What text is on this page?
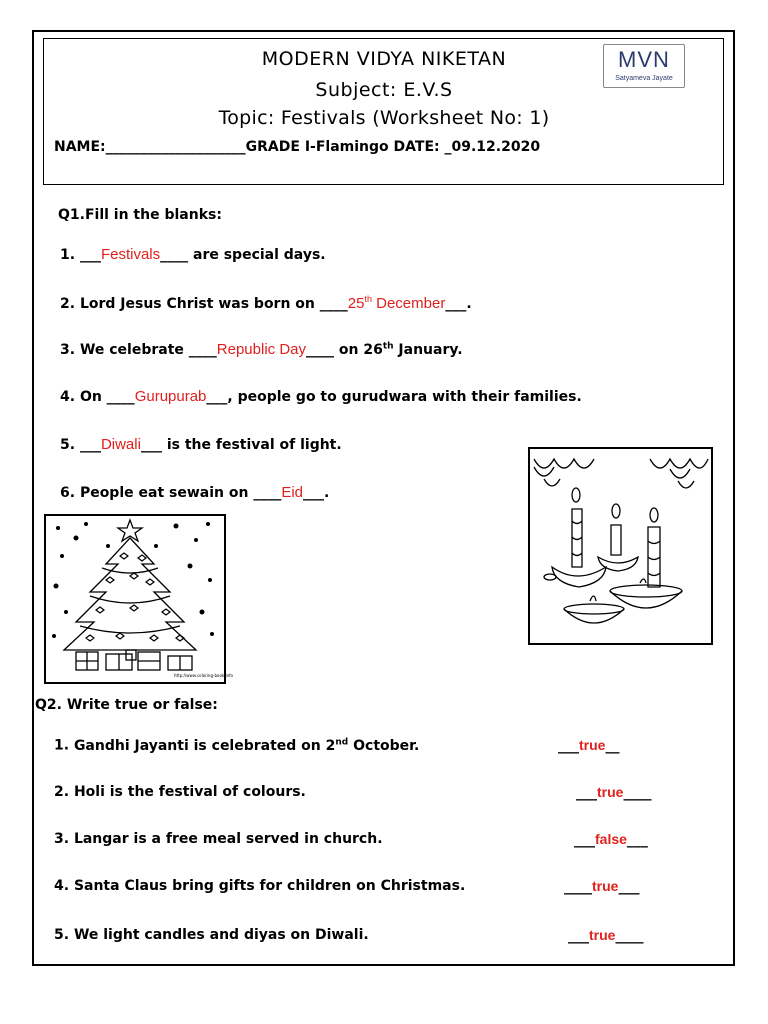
MODERN VIDYA NIKETAN
Subject: E.V.S
Topic: Festivals (Worksheet No: 1)
MVN
Satyameva Jayate
NAME:____________________GRADE I-Flamingo DATE: _09.12.2020
Q1.Fill in the blanks:
1. ___Festivals____ are special days.
2. Lord Jesus Christ was born on ____25th December___.
3. We celebrate ____Republic Day____ on 26th January.
4. On ____Gurupurab___, people go to gurudwara with their families.
5. ___Diwali___ is the festival of light.
6. People eat sewain on ____Eid___.
http://www.coloring-book.info
Q2. Write true or false:
1. Gandhi Jayanti is celebrated on 2nd October.	___true__
2. Holi is the festival of colours.	___true____
3. Langar is a free meal served in church.	___false___
4. Santa Claus bring gifts for children on Christmas.	____true___
5. We light candles and diyas on Diwali.	___true____
